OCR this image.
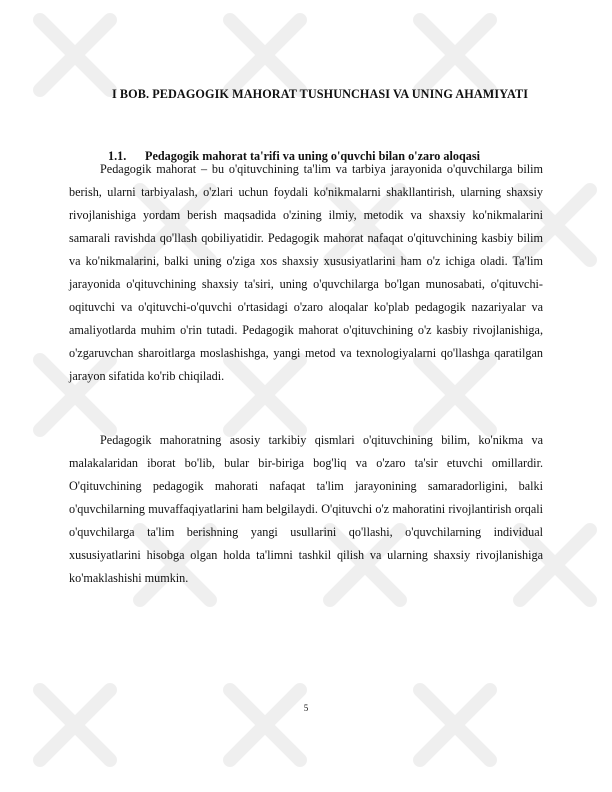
I BOB. PEDAGOGIK MAHORAT TUSHUNCHASI VA UNING AHAMIYATI
1.1. Pedagogik mahorat ta'rifi va uning o'quvchi bilan o'zaro aloqasi

Pedagogik mahorat – bu o'qituvchining ta'lim va tarbiya jarayonida o'quvchilarga bilim berish, ularni tarbiyalash, o'zlari uchun foydali ko'nikmalarni shakllantirish, ularning shaxsiy rivojlanishiga yordam berish maqsadida o'zining ilmiy, metodik va shaxsiy ko'nikmalarini samarali ravishda qo'llash qobiliyatidir. Pedagogik mahorat nafaqat o'qituvchining kasbiy bilim va ko'nikmalarini, balki uning o'ziga xos shaxsiy xususiyatlarini ham o'z ichiga oladi. Ta'lim jarayonida o'qituvchining shaxsiy ta'siri, uning o'quvchilarga bo'lgan munosabati, o'qituvchi-oqituvchi va o'qituvchi-o'quvchi o'rtasidagi o'zaro aloqalar ko'plab pedagogik nazariyalar va amaliyotlarda muhim o'rin tutadi. Pedagogik mahorat o'qituvchining o'z kasbiy rivojlanishiga, o'zgaruvchan sharoitlarga moslashishga, yangi metod va texnologiyalarni qo'llashga qaratilgan jarayon sifatida ko'rib chiqiladi.

Pedagogik mahoratning asosiy tarkibiy qismlari o'qituvchining bilim, ko'nikma va malakalaridan iborat bo'lib, bular bir-biriga bog'liq va o'zaro ta'sir etuvchi omillardir. O'qituvchining pedagogik mahorati nafaqat ta'lim jarayonining samaradorligini, balki o'quvchilarning muvaffaqiyatlarini ham belgilaydi. O'qituvchi o'z mahoratini rivojlantirish orqali o'quvchilarga ta'lim berishning yangi usullarini qo'llashi, o'quvchilarning individual xususiyatlarini hisobga olgan holda ta'limni tashkil qilish va ularning shaxsiy rivojlanishiga ko'maklashishi mumkin.

5
